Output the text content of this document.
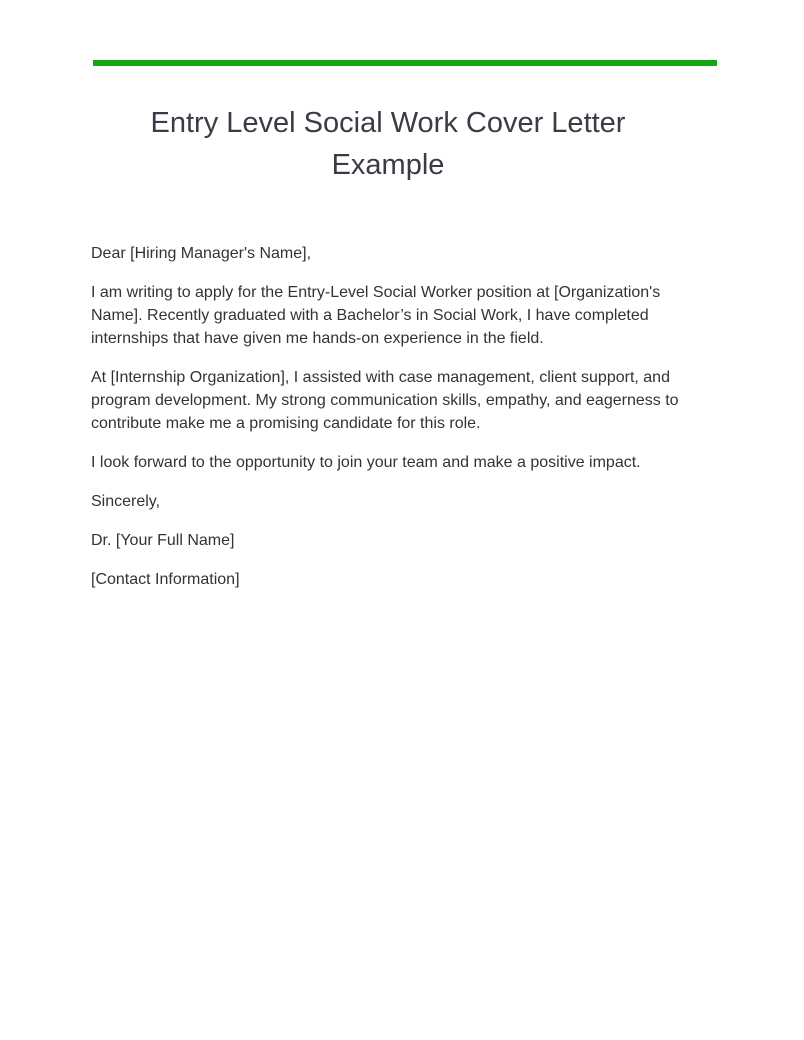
Entry Level Social Work Cover Letter Example

Dear [Hiring Manager's Name],

I am writing to apply for the Entry-Level Social Worker position at [Organization's Name]. Recently graduated with a Bachelor’s in Social Work, I have completed internships that have given me hands-on experience in the field.

At [Internship Organization], I assisted with case management, client support, and program development. My strong communication skills, empathy, and eagerness to contribute make me a promising candidate for this role.

I look forward to the opportunity to join your team and make a positive impact.

Sincerely,

Dr. [Your Full Name]

[Contact Information]
